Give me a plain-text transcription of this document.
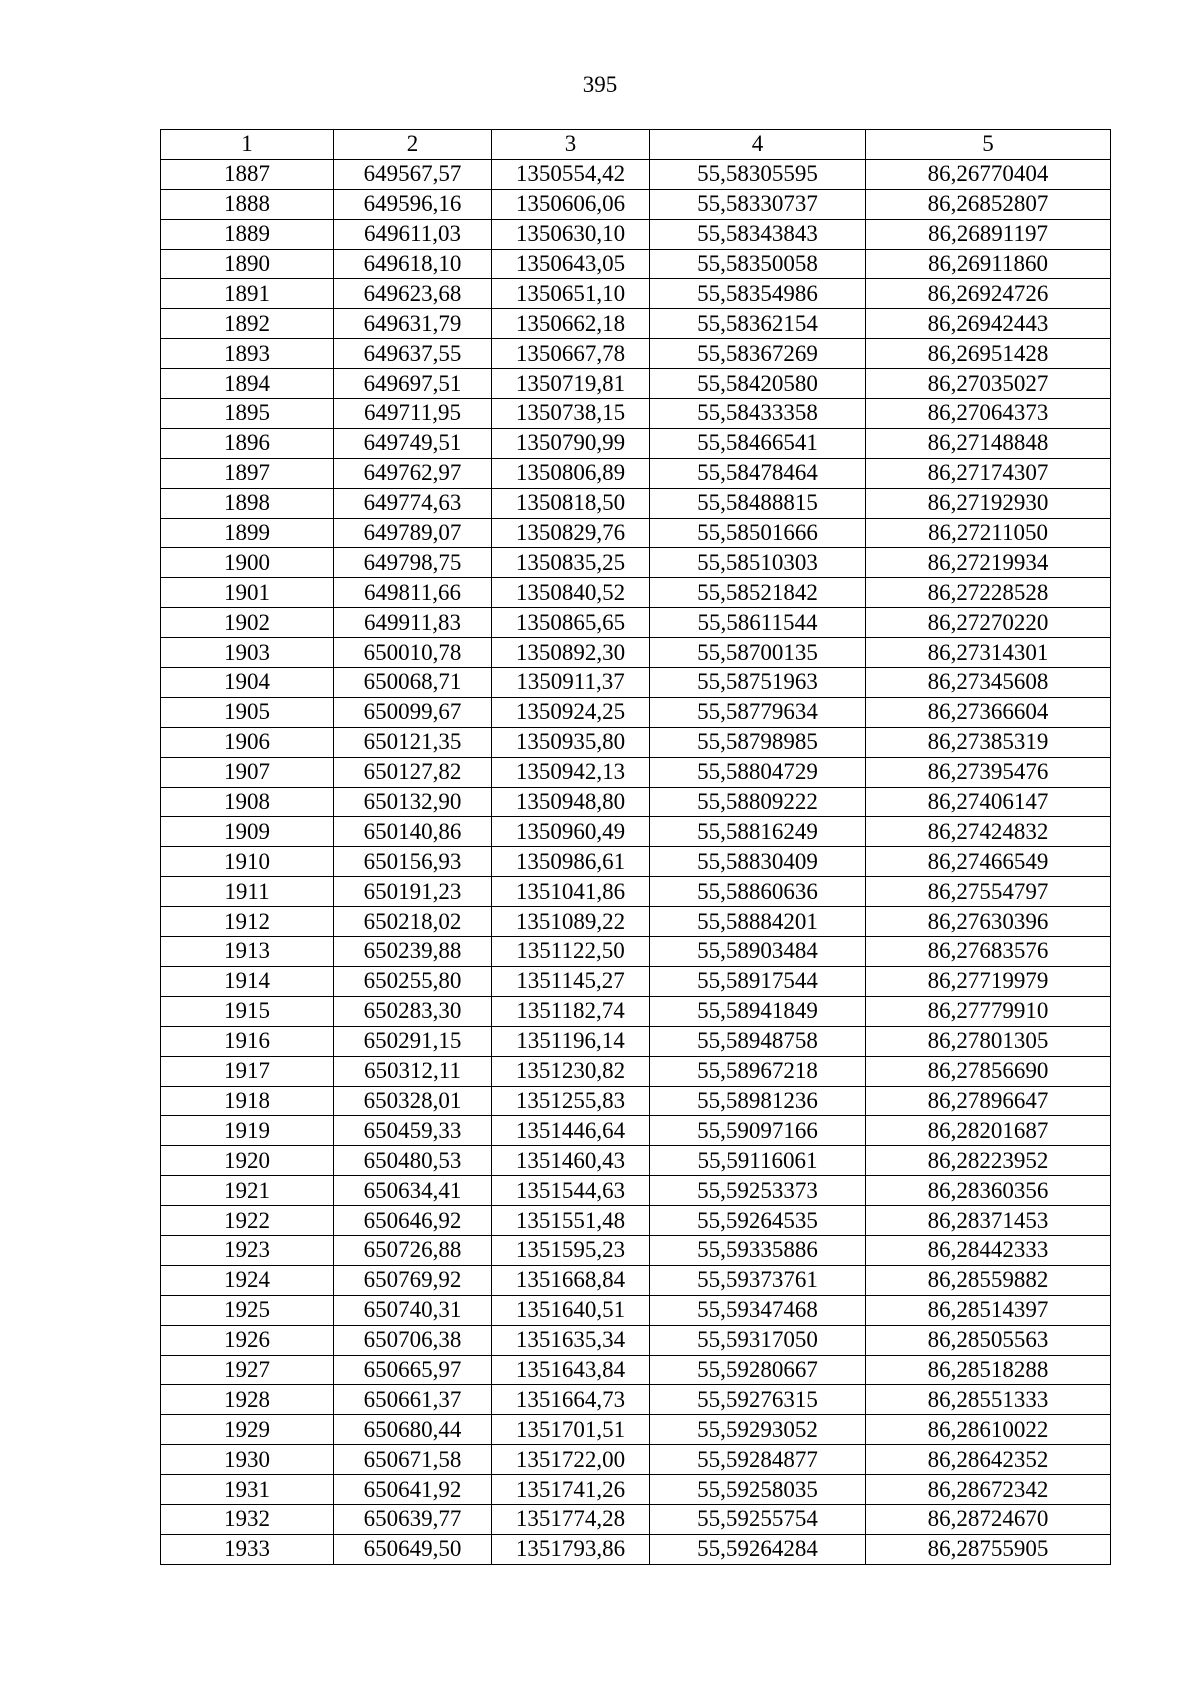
395
1	2	3	4	5
1887	649567,57	1350554,42	55,58305595	86,26770404
1888	649596,16	1350606,06	55,58330737	86,26852807
1889	649611,03	1350630,10	55,58343843	86,26891197
1890	649618,10	1350643,05	55,58350058	86,26911860
1891	649623,68	1350651,10	55,58354986	86,26924726
1892	649631,79	1350662,18	55,58362154	86,26942443
1893	649637,55	1350667,78	55,58367269	86,26951428
1894	649697,51	1350719,81	55,58420580	86,27035027
1895	649711,95	1350738,15	55,58433358	86,27064373
1896	649749,51	1350790,99	55,58466541	86,27148848
1897	649762,97	1350806,89	55,58478464	86,27174307
1898	649774,63	1350818,50	55,58488815	86,27192930
1899	649789,07	1350829,76	55,58501666	86,27211050
1900	649798,75	1350835,25	55,58510303	86,27219934
1901	649811,66	1350840,52	55,58521842	86,27228528
1902	649911,83	1350865,65	55,58611544	86,27270220
1903	650010,78	1350892,30	55,58700135	86,27314301
1904	650068,71	1350911,37	55,58751963	86,27345608
1905	650099,67	1350924,25	55,58779634	86,27366604
1906	650121,35	1350935,80	55,58798985	86,27385319
1907	650127,82	1350942,13	55,58804729	86,27395476
1908	650132,90	1350948,80	55,58809222	86,27406147
1909	650140,86	1350960,49	55,58816249	86,27424832
1910	650156,93	1350986,61	55,58830409	86,27466549
1911	650191,23	1351041,86	55,58860636	86,27554797
1912	650218,02	1351089,22	55,58884201	86,27630396
1913	650239,88	1351122,50	55,58903484	86,27683576
1914	650255,80	1351145,27	55,58917544	86,27719979
1915	650283,30	1351182,74	55,58941849	86,27779910
1916	650291,15	1351196,14	55,58948758	86,27801305
1917	650312,11	1351230,82	55,58967218	86,27856690
1918	650328,01	1351255,83	55,58981236	86,27896647
1919	650459,33	1351446,64	55,59097166	86,28201687
1920	650480,53	1351460,43	55,59116061	86,28223952
1921	650634,41	1351544,63	55,59253373	86,28360356
1922	650646,92	1351551,48	55,59264535	86,28371453
1923	650726,88	1351595,23	55,59335886	86,28442333
1924	650769,92	1351668,84	55,59373761	86,28559882
1925	650740,31	1351640,51	55,59347468	86,28514397
1926	650706,38	1351635,34	55,59317050	86,28505563
1927	650665,97	1351643,84	55,59280667	86,28518288
1928	650661,37	1351664,73	55,59276315	86,28551333
1929	650680,44	1351701,51	55,59293052	86,28610022
1930	650671,58	1351722,00	55,59284877	86,28642352
1931	650641,92	1351741,26	55,59258035	86,28672342
1932	650639,77	1351774,28	55,59255754	86,28724670
1933	650649,50	1351793,86	55,59264284	86,28755905
